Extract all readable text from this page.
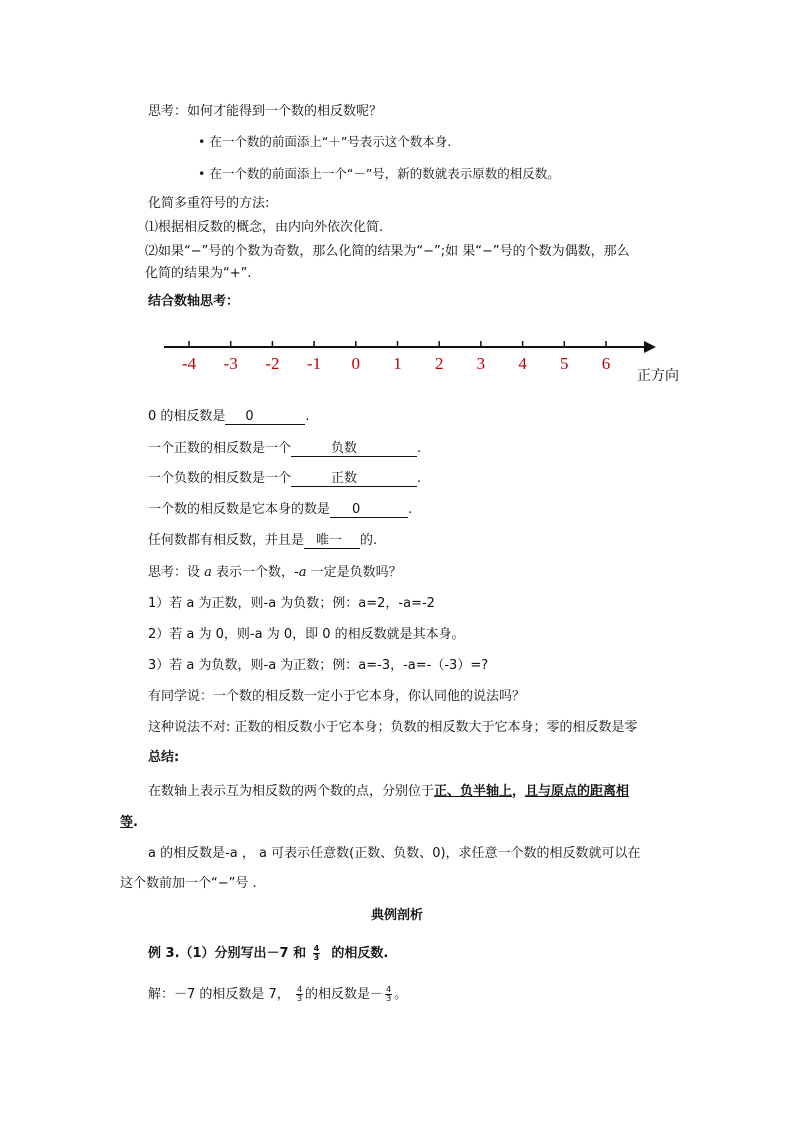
思考：如何才能得到一个数的相反数呢？
• 在一个数的前面添上“＋”号表示这个数本身.
• 在一个数的前面添上一个“－”号，新的数就表示原数的相反数。
化简多重符号的方法:
⑴根据相反数的概念，由内向外依次化简.
⑵如果“−”号的个数为奇数，那么化简的结果为“−”;如 果“−”号的个数为偶数，那么
化简的结果为“+”.
结合数轴思考：
-4 -3 -2 -1 0 1 2 3 4 5 6
正方向
0 的相反数是 0	.
一个正数的相反数是一个	负数	.
一个负数的相反数是一个	正数	.
一个数的相反数是它本身的数是 0	.
任何数都有相反数，并且是 唯一 的.
思考：设 a 表示一个数，-a 一定是负数吗？
1）若 a 为正数，则-a 为负数；例：a=2，-a=-2
2）若 a 为 0，则-a 为 0，即 0 的相反数就是其本身。
3）若 a 为负数，则-a 为正数；例：a=-3，-a=-（-3）=?
有同学说：一个数的相反数一定小于它本身，你认同他的说法吗？
这种说法不对: 正数的相反数小于它本身；负数的相反数大于它本身；零的相反数是零
总结:
在数轴上表示互为相反数的两个数的点，分别位于正、负半轴上，且与原点的距离相
等.
a 的相反数是-a ， a 可表示任意数(正数、负数、0)，求任意一个数的相反数就可以在
这个数前加一个“−”号 .
典例剖析
例 3.（1）分别写出－7 和 $\frac{4}{3}$ 的相反数.
解：－7 的相反数是 7， $\frac{4}{3}$ 的相反数是－ $\frac{4}{3}$ 。
